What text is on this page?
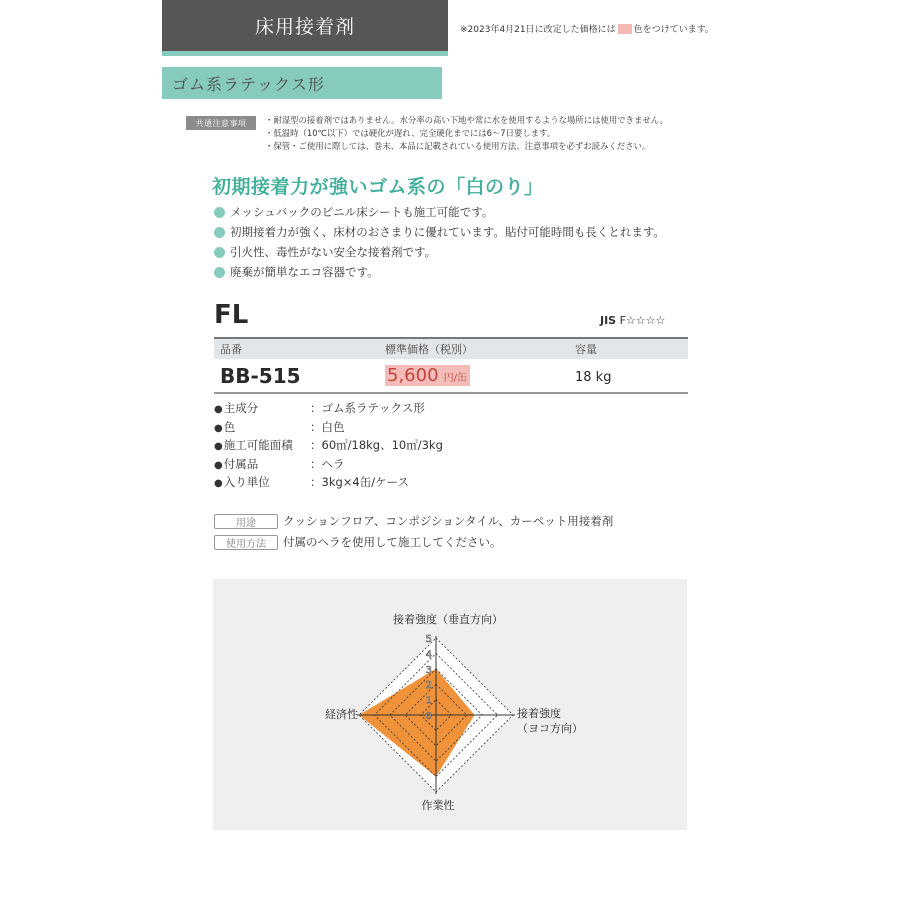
床用接着剤	※2023年4月21日に改定した価格には 色をつけています。
ゴム系ラテックス形
共通注意事項	・耐湿型の接着剤ではありません。水分率の高い下地や常に水を使用するような場所には使用できません。
・低温時（10℃以下）では硬化が遅れ、完全硬化までには6〜7日要します。
・保管・ご使用に際しては、巻末、本品に記載されている使用方法、注意事項を必ずお読みください。
初期接着力が強いゴム系の「白のり」
メッシュバックのビニル床シートも施工可能です。
初期接着力が強く、床材のおさまりに優れています。貼付可能時間も長くとれます。
引火性、毒性がない安全な接着剤です。
廃棄が簡単なエコ容器です。
FL	JIS F☆☆☆☆
品番	標準価格（税別）	容量
BB-515	5,600 円/缶	18 kg
● 主成分	：ゴム系ラテックス形
● 色	：白色
● 施工可能面積	：60㎡/18kg、10㎡/3kg
● 付属品	：ヘラ
● 入り単位	：3kg×4缶/ケース
用途	クッションフロア、コンポジションタイル、カーペット用接着剤
使用方法	付属のヘラを使用して施工してください。
0
1
2
3
4
5
接着強度（垂直方向）
接着強度
（ヨコ方向）
作業性
経済性
